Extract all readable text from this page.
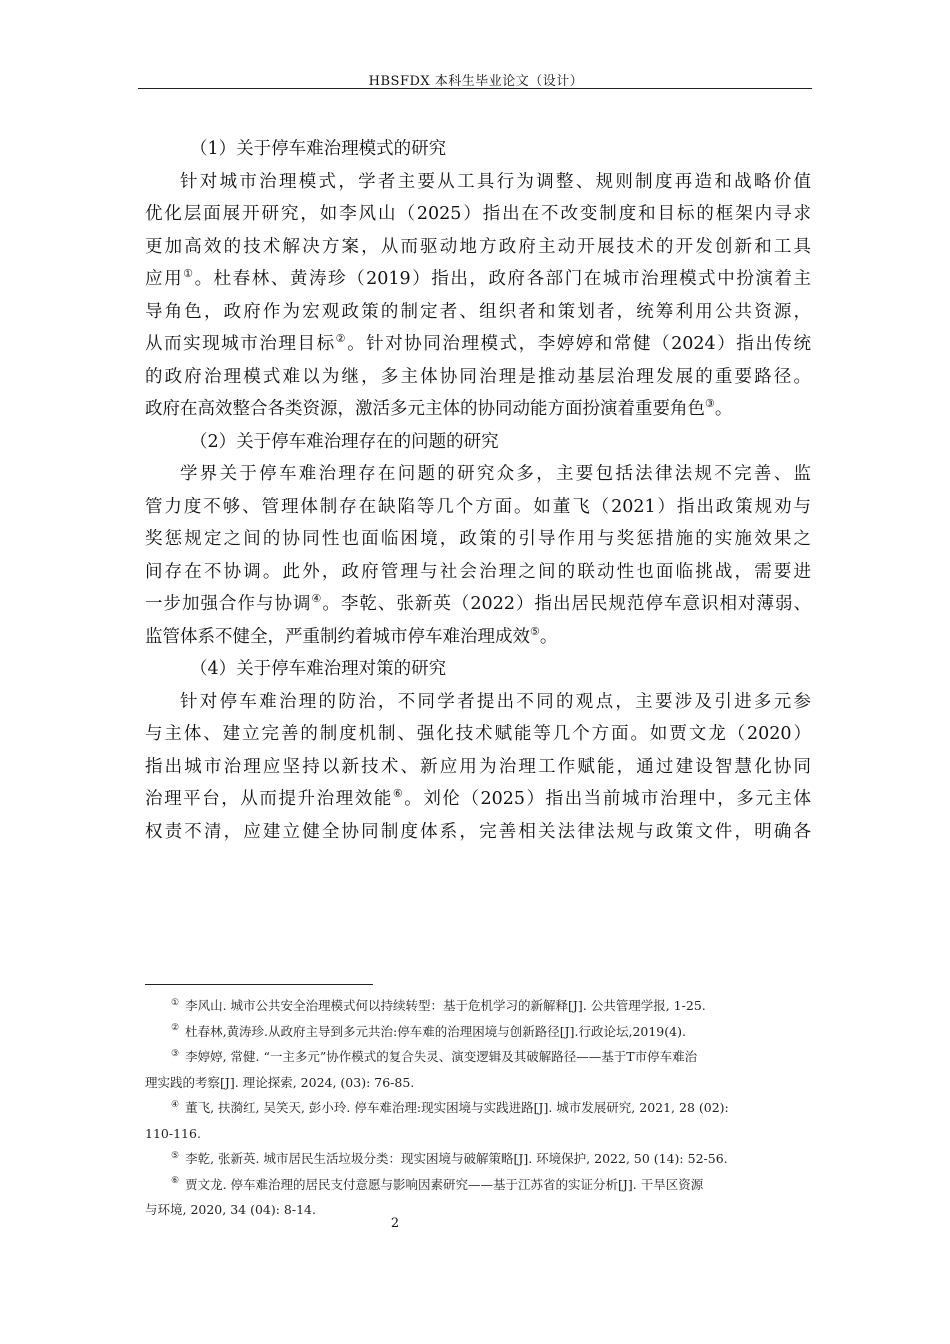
HBSFDX 本科生毕业论文（设计）
（1）关于停车难治理模式的研究
针对城市治理模式，学者主要从工具行为调整、规则制度再造和战略价值
优化层面展开研究，如李风山（2025）指出在不改变制度和目标的框架内寻求
更加高效的技术解决方案，从而驱动地方政府主动开展技术的开发创新和工具
应用①。杜春林、黄涛珍（2019）指出，政府各部门在城市治理模式中扮演着主
导角色，政府作为宏观政策的制定者、组织者和策划者，统筹利用公共资源，
从而实现城市治理目标②。针对协同治理模式，李婷婷和常健（2024）指出传统
的政府治理模式难以为继，多主体协同治理是推动基层治理发展的重要路径。
政府在高效整合各类资源，激活多元主体的协同动能方面扮演着重要角色③。
（2）关于停车难治理存在的问题的研究
学界关于停车难治理存在问题的研究众多，主要包括法律法规不完善、监
管力度不够、管理体制存在缺陷等几个方面。如董飞（2021）指出政策规劝与
奖惩规定之间的协同性也面临困境，政策的引导作用与奖惩措施的实施效果之
间存在不协调。此外，政府管理与社会治理之间的联动性也面临挑战，需要进
一步加强合作与协调④。李乾、张新英（2022）指出居民规范停车意识相对薄弱、
监管体系不健全，严重制约着城市停车难治理成效⑤。
（4）关于停车难治理对策的研究
针对停车难治理的防治，不同学者提出不同的观点，主要涉及引进多元参
与主体、建立完善的制度机制、强化技术赋能等几个方面。如贾文龙（2020）
指出城市治理应坚持以新技术、新应用为治理工作赋能，通过建设智慧化协同
治理平台，从而提升治理效能⑥。刘伦（2025）指出当前城市治理中，多元主体
权责不清，应建立健全协同制度体系，完善相关法律法规与政策文件，明确各
① 李风山. 城市公共安全治理模式何以持续转型：基于危机学习的新解释[J]. 公共管理学报, 1-25.
② 杜春林,黄涛珍.从政府主导到多元共治:停车难的治理困境与创新路径[J].行政论坛,2019(4).
③ 李婷婷, 常健. “一主多元”协作模式的复合失灵、演变逻辑及其破解路径——基于T市停车难治
理实践的考察[J]. 理论探索, 2024, (03): 76-85.
④ 董飞, 扶漪红, 吴笑天, 彭小玲. 停车难治理:现实困境与实践进路[J]. 城市发展研究, 2021, 28 (02):
110-116.
⑤ 李乾, 张新英. 城市居民生活垃圾分类：现实困境与破解策略[J]. 环境保护, 2022, 50 (14): 52-56.
⑥ 贾文龙. 停车难治理的居民支付意愿与影响因素研究——基于江苏省的实证分析[J]. 干旱区资源
与环境, 2020, 34 (04): 8-14.
2
